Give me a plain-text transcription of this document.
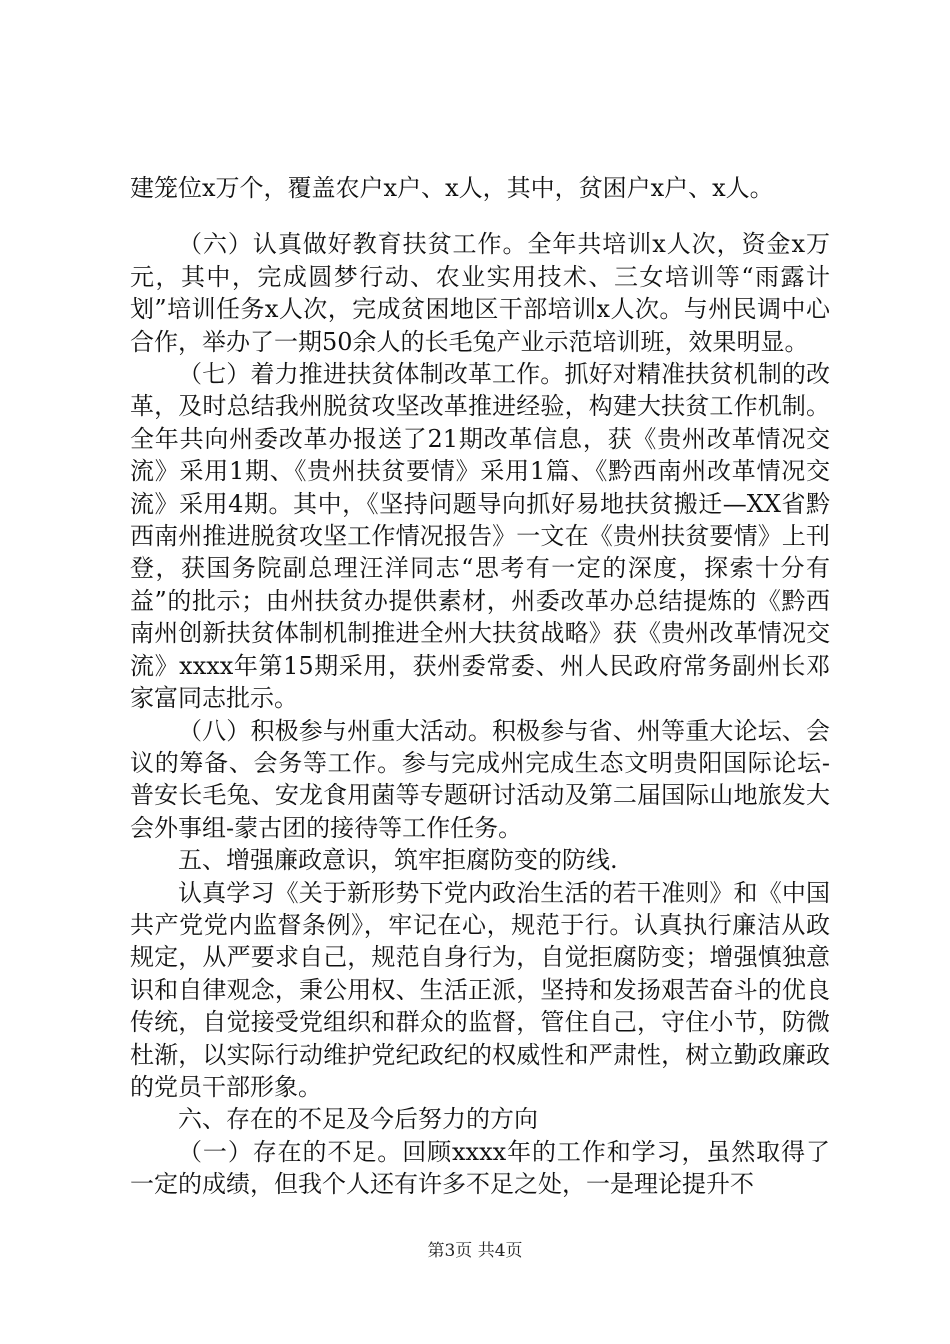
建笼位x万个，覆盖农户x户、x人，其中，贫困户x户、x人。

（六）认真做好教育扶贫工作。全年共培训x人次，资金x万元，其中，完成圆梦行动、农业实用技术、三女培训等“雨露计划”培训任务x人次，完成贫困地区干部培训x人次。与州民调中心合作，举办了一期50余人的长毛兔产业示范培训班，效果明显。

（七）着力推进扶贫体制改革工作。抓好对精准扶贫机制的改革，及时总结我州脱贫攻坚改革推进经验，构建大扶贫工作机制。全年共向州委改革办报送了21期改革信息，获《贵州改革情况交流》采用1期、《贵州扶贫要情》采用1篇、《黔西南州改革情况交流》采用4期。其中，《坚持问题导向抓好易地扶贫搬迁—XX省黔西南州推进脱贫攻坚工作情况报告》一文在《贵州扶贫要情》上刊登，获国务院副总理汪洋同志“思考有一定的深度，探索十分有益”的批示；由州扶贫办提供素材，州委改革办总结提炼的《黔西南州创新扶贫体制机制推进全州大扶贫战略》获《贵州改革情况交流》xxxx年第15期采用，获州委常委、州人民政府常务副州长邓家富同志批示。

（八）积极参与州重大活动。积极参与省、州等重大论坛、会议的筹备、会务等工作。参与完成州完成生态文明贵阳国际论坛-普安长毛兔、安龙食用菌等专题研讨活动及第二届国际山地旅发大会外事组-蒙古团的接待等工作任务。

五、增强廉政意识，筑牢拒腐防变的防线.

认真学习《关于新形势下党内政治生活的若干准则》和《中国共产党党内监督条例》，牢记在心，规范于行。认真执行廉洁从政规定，从严要求自己，规范自身行为，自觉拒腐防变；增强慎独意识和自律观念，秉公用权、生活正派，坚持和发扬艰苦奋斗的优良传统，自觉接受党组织和群众的监督，管住自己，守住小节，防微杜渐，以实际行动维护党纪政纪的权威性和严肃性，树立勤政廉政的党员干部形象。

六、存在的不足及今后努力的方向

（一）存在的不足。回顾xxxx年的工作和学习，虽然取得了一定的成绩，但我个人还有许多不足之处，一是理论提升不

第3页 共4页
